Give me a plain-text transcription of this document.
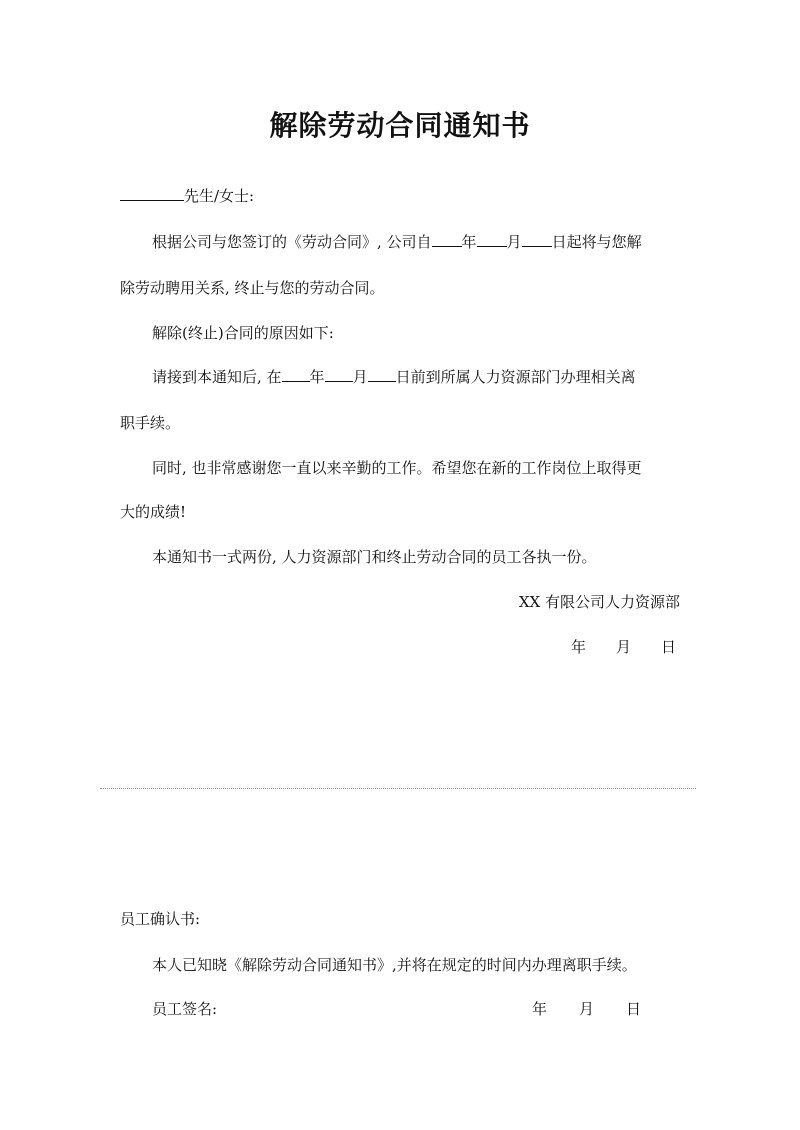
解除劳动合同通知书

先生/女士:

根据公司与您签订的《劳动合同》, 公司自 年 月 日起将与您解

除劳动聘用关系, 终止与您的劳动合同。

解除(终止)合同的原因如下:

请接到本通知后, 在 年 月 日前到所属人力资源部门办理相关离

职手续。

同时, 也非常感谢您一直以来辛勤的工作。希望您在新的工作岗位上取得更

大的成绩!

本通知书一式两份, 人力资源部门和终止劳动合同的员工各执一份。

XX 有限公司人力资源部

年 月 日

员工确认书:

本人已知晓《解除劳动合同通知书》,并将在规定的时间内办理离职手续。

员工签名:	年 月 日
